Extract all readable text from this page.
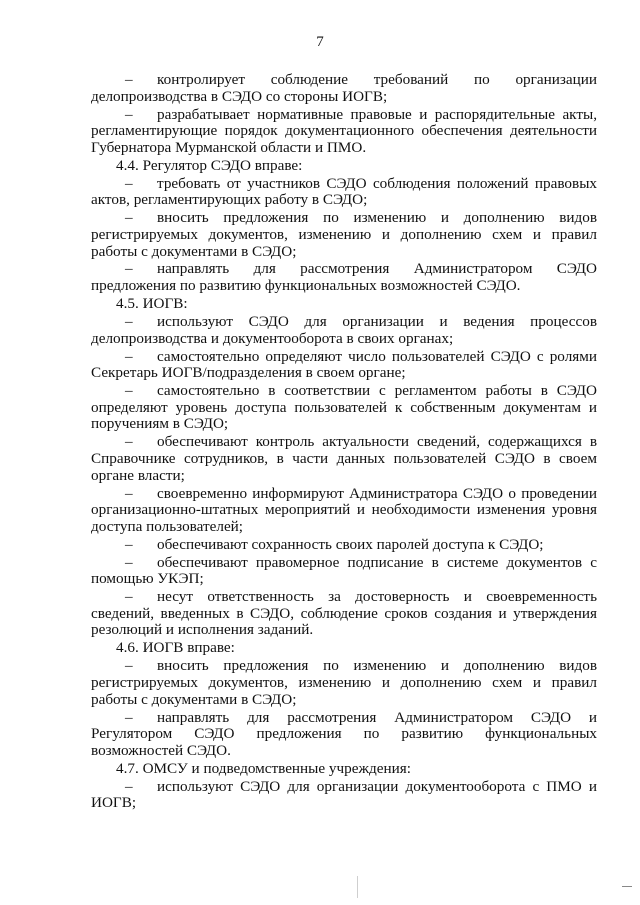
7

– контролирует соблюдение требований по организации делопроизводства в СЭДО со стороны ИОГВ;

– разрабатывает нормативные правовые и распорядительные акты, регламентирующие порядок документационного обеспечения деятельности Губернатора Мурманской области и ПМО.

4.4. Регулятор СЭДО вправе:

– требовать от участников СЭДО соблюдения положений правовых актов, регламентирующих работу в СЭДО;

– вносить предложения по изменению и дополнению видов регистрируемых документов, изменению и дополнению схем и правил работы с документами в СЭДО;

– направлять для рассмотрения Администратором СЭДО предложения по развитию функциональных возможностей СЭДО.

4.5. ИОГВ:

– используют СЭДО для организации и ведения процессов делопроизводства и документооборота в своих органах;

– самостоятельно определяют число пользователей СЭДО с ролями Секретарь ИОГВ/подразделения в своем органе;

– самостоятельно в соответствии с регламентом работы в СЭДО определяют уровень доступа пользователей к собственным документам и поручениям в СЭДО;

– обеспечивают контроль актуальности сведений, содержащихся в Справочнике сотрудников, в части данных пользователей СЭДО в своем органе власти;

– своевременно информируют Администратора СЭДО о проведении организационно-штатных мероприятий и необходимости изменения уровня доступа пользователей;

– обеспечивают сохранность своих паролей доступа к СЭДО;

– обеспечивают правомерное подписание в системе документов с помощью УКЭП;

– несут ответственность за достоверность и своевременность сведений, введенных в СЭДО, соблюдение сроков создания и утверждения резолюций и исполнения заданий.

4.6. ИОГВ вправе:

– вносить предложения по изменению и дополнению видов регистрируемых документов, изменению и дополнению схем и правил работы с документами в СЭДО;

– направлять для рассмотрения Администратором СЭДО и Регулятором СЭДО предложения по развитию функциональных возможностей СЭДО.

4.7. ОМСУ и подведомственные учреждения:

– используют СЭДО для организации документооборота с ПМО и ИОГВ;
